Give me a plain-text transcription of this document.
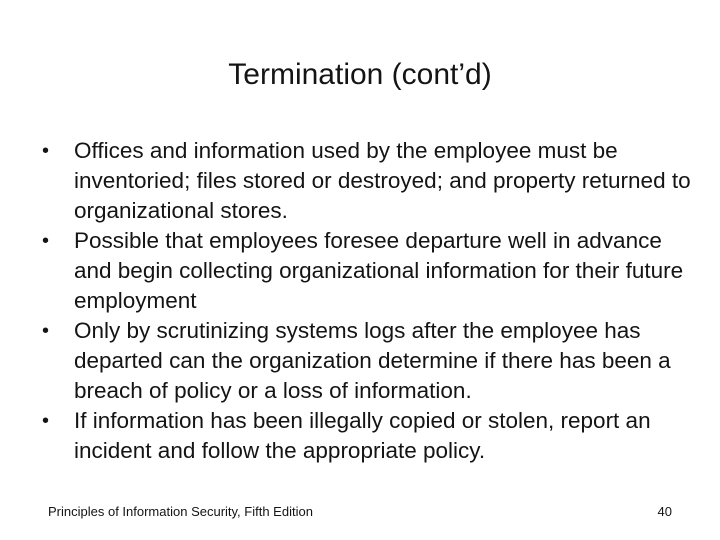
Termination (cont’d)
• Offices and information used by the employee must be inventoried; files stored or destroyed; and property returned to organizational stores.
• Possible that employees foresee departure well in advance and begin collecting organizational information for their future employment
• Only by scrutinizing systems logs after the employee has departed can the organization determine if there has been a breach of policy or a loss of information.
• If information has been illegally copied or stolen, report an incident and follow the appropriate policy.
Principles of Information Security, Fifth Edition	40
